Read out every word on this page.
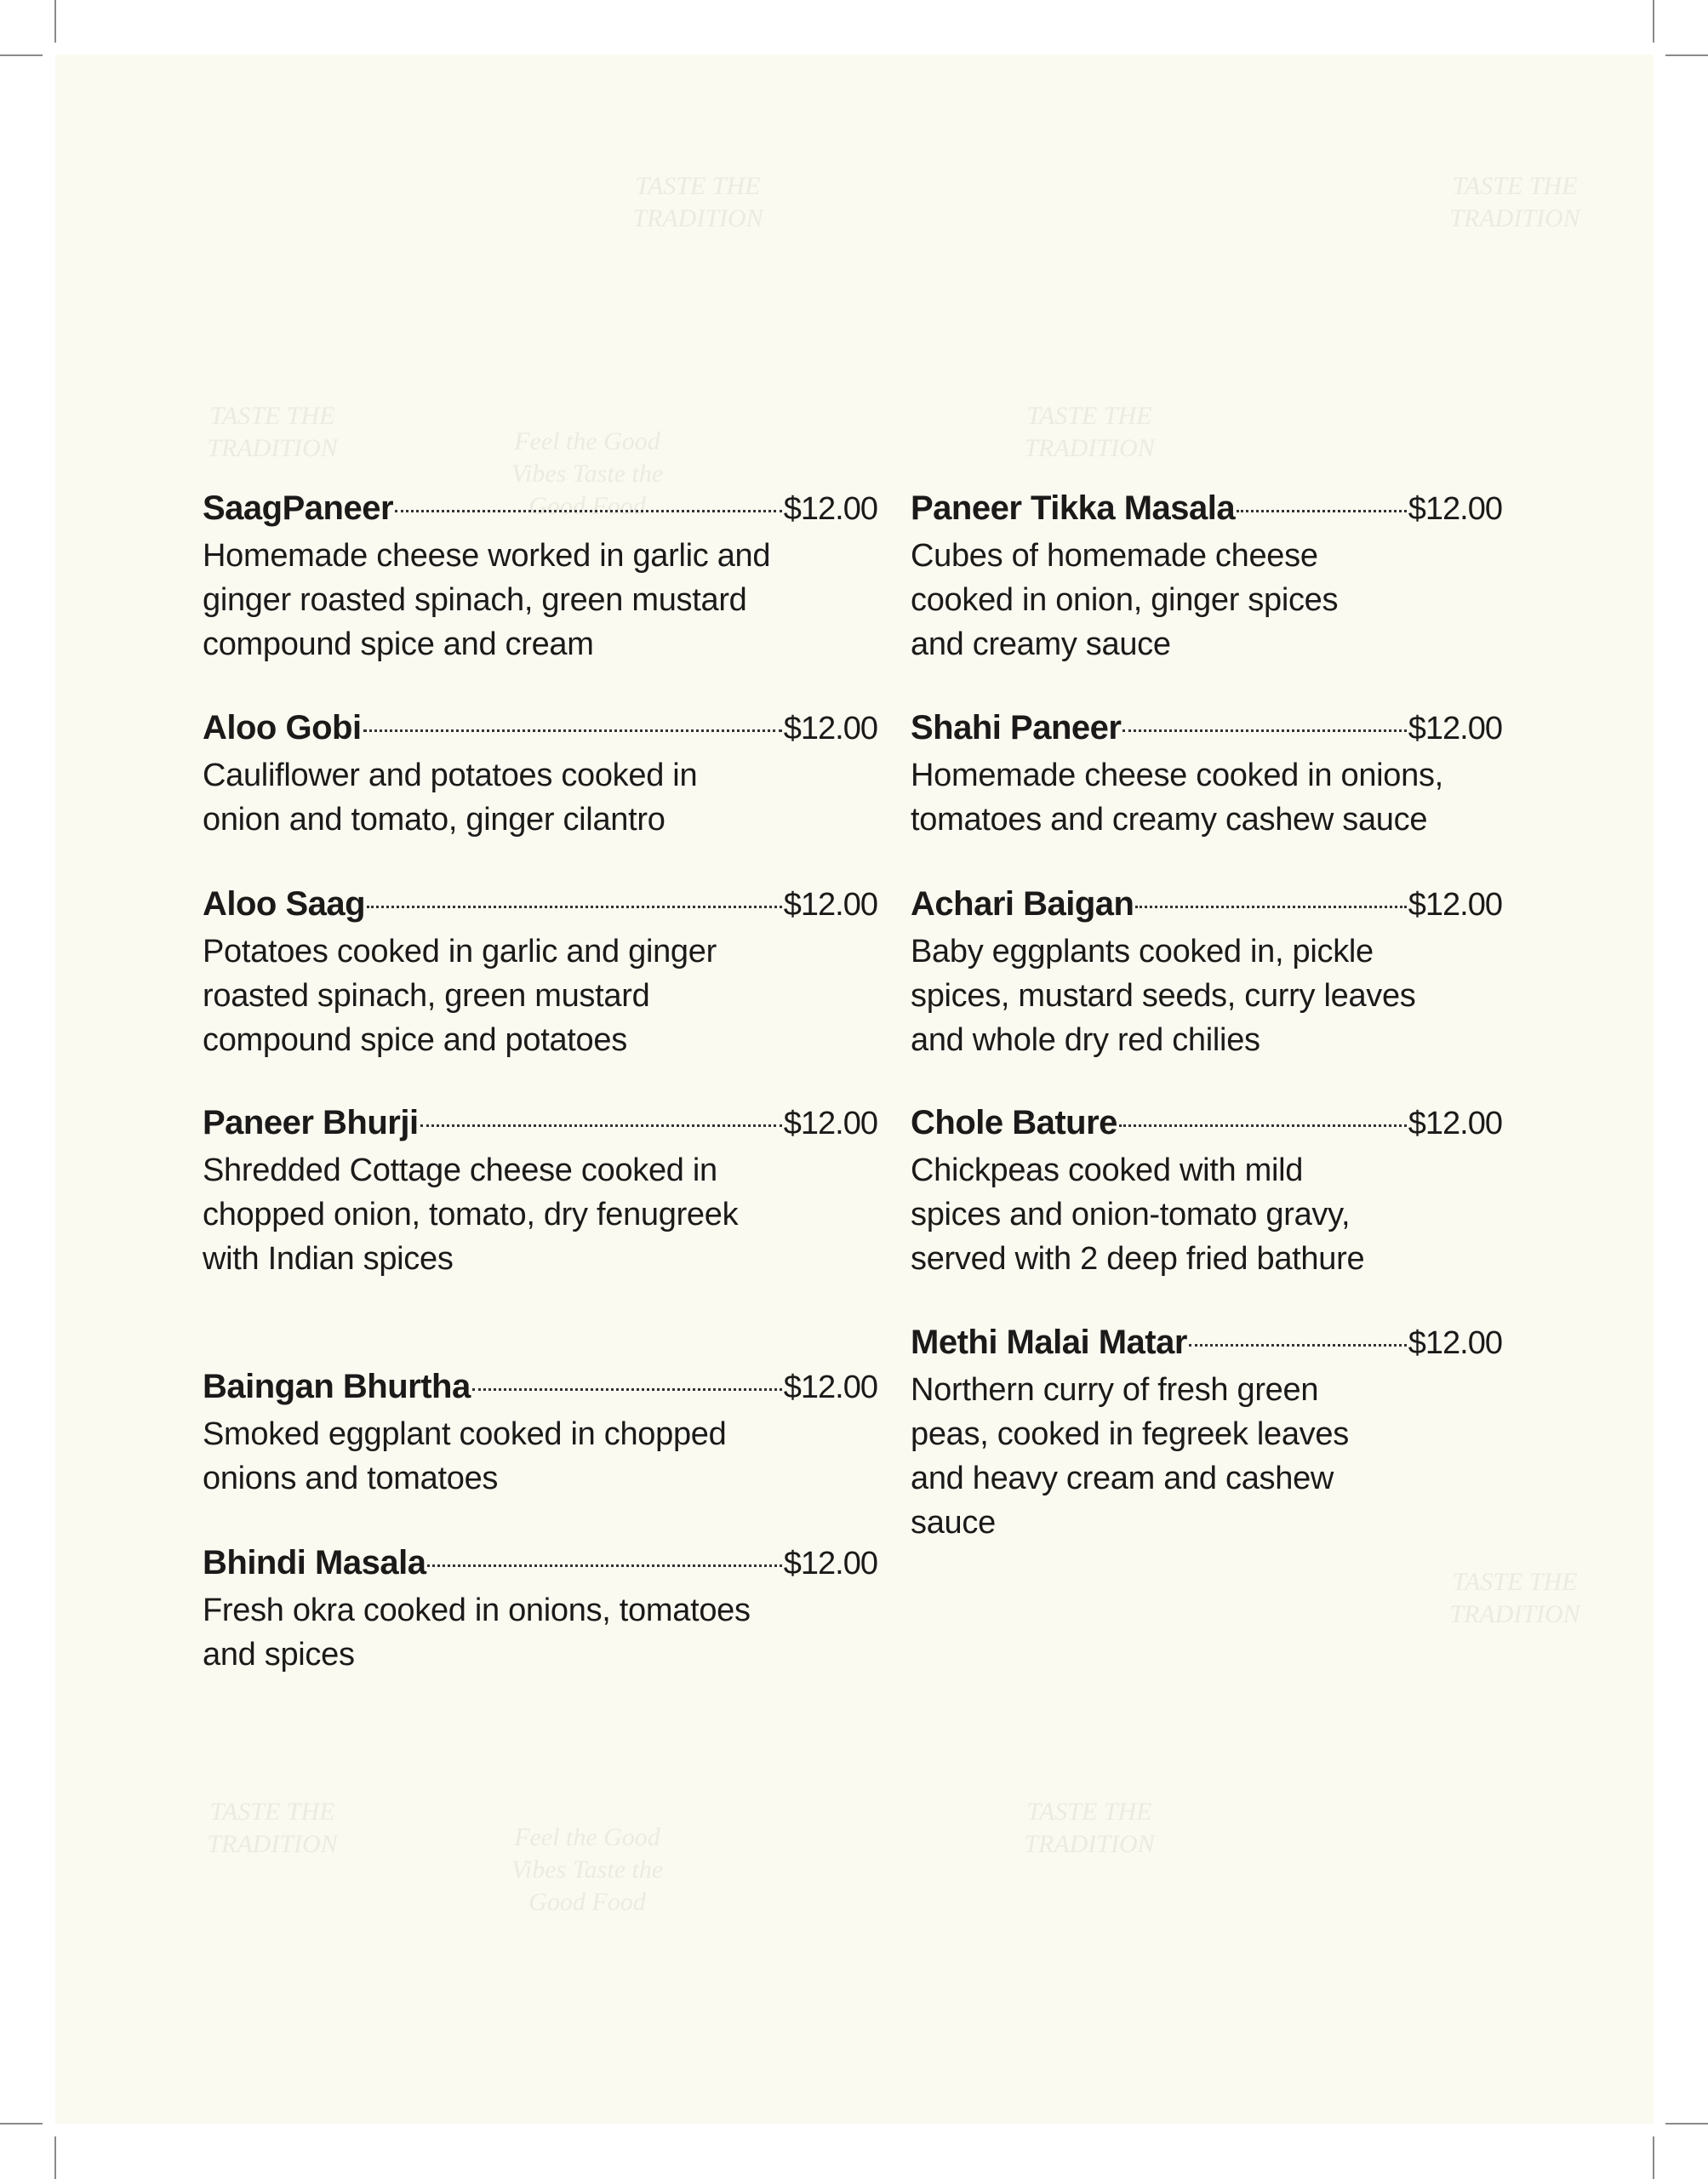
TASTE THE TRADITION
TASTE THE TRADITION
TASTE THE TRADITION
TASTE THE TRADITION
Feel the Good Vibes Taste the Good Food
TASTE THE TRADITION
TASTE THE TRADITION
Feel the Good Vibes Taste the Good Food
TASTE THE TRADITION
SaagPaneer	$12.00
Homemade cheese worked in garlic and
ginger roasted spinach, green mustard
compound spice and cream
Aloo Gobi	$12.00
Cauliflower and potatoes cooked in
onion and tomato, ginger cilantro
Aloo Saag	$12.00
Potatoes cooked in garlic and ginger
roasted spinach, green mustard
compound spice and potatoes
Paneer Bhurji	$12.00
Shredded Cottage cheese cooked in
chopped onion, tomato, dry fenugreek
with Indian spices
Baingan Bhurtha	$12.00
Smoked eggplant cooked in chopped
onions and tomatoes
Bhindi Masala	$12.00
Fresh okra cooked in onions, tomatoes
and spices
Paneer Tikka Masala	$12.00
Cubes of homemade cheese
cooked in onion, ginger spices
and creamy sauce
Shahi Paneer	$12.00
Homemade cheese cooked in onions,
tomatoes and creamy cashew sauce
Achari Baigan	$12.00
Baby eggplants cooked in, pickle
spices, mustard seeds, curry leaves
and whole dry red chilies
Chole Bature	$12.00
Chickpeas cooked with mild
spices and onion-tomato gravy,
served with 2 deep fried bathure
Methi Malai Matar	$12.00
Northern curry of fresh green
peas, cooked in fegreek leaves
and heavy cream and cashew
sauce
